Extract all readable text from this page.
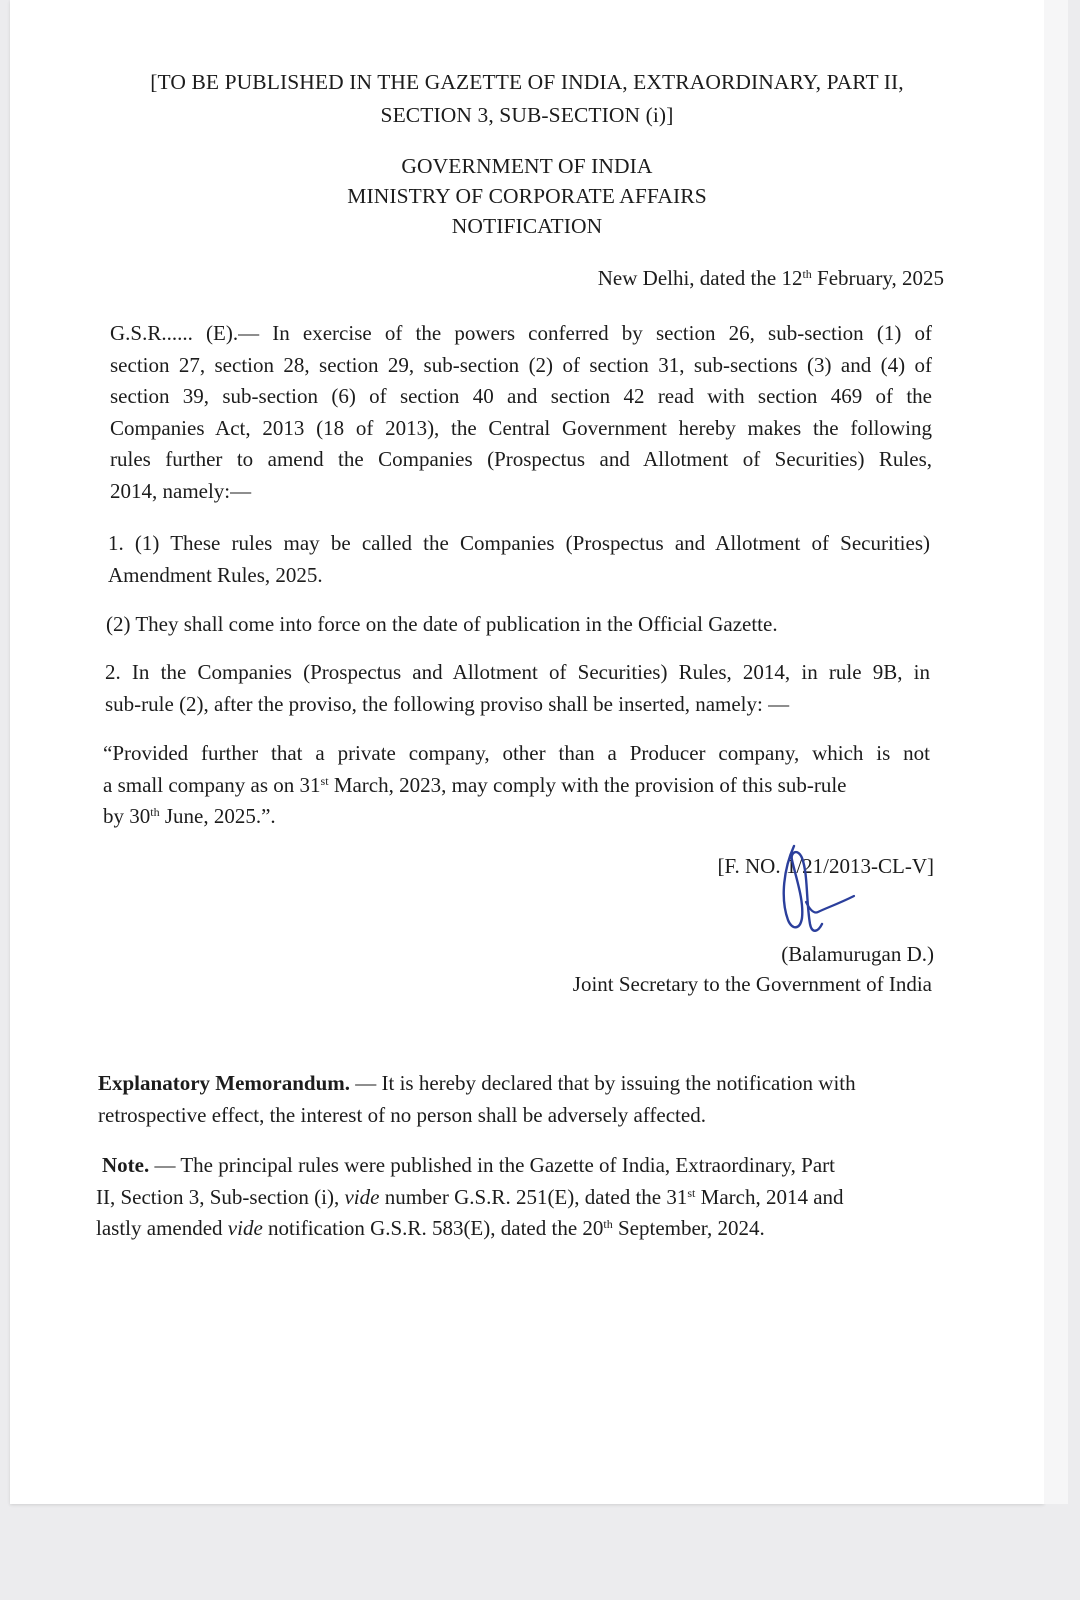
[TO BE PUBLISHED IN THE GAZETTE OF INDIA, EXTRAORDINARY, PART II,
SECTION 3, SUB-SECTION (i)]
GOVERNMENT OF INDIA
MINISTRY OF CORPORATE AFFAIRS
NOTIFICATION
New Delhi, dated the 12th February, 2025
G.S.R...... (E).— In exercise of the powers conferred by section 26, sub-section (1) of
section 27, section 28, section 29, sub-section (2) of section 31, sub-sections (3) and (4) of
section 39, sub-section (6) of section 40 and section 42 read with section 469 of the
Companies Act, 2013 (18 of 2013), the Central Government hereby makes the following
rules further to amend the Companies (Prospectus and Allotment of Securities) Rules,
2014, namely:—
1. (1) These rules may be called the Companies (Prospectus and Allotment of Securities)
Amendment Rules, 2025.
(2) They shall come into force on the date of publication in the Official Gazette.
2. In the Companies (Prospectus and Allotment of Securities) Rules, 2014, in rule 9B, in
sub-rule (2), after the proviso, the following proviso shall be inserted, namely: —
“Provided further that a private company, other than a Producer company, which is not
a small company as on 31st March, 2023, may comply with the provision of this sub-rule
by 30th June, 2025.”.
[F. NO. 1/21/2013-CL-V]
(Balamurugan D.)
Joint Secretary to the Government of India
Explanatory Memorandum. — It is hereby declared that by issuing the notification with
retrospective effect, the interest of no person shall be adversely affected.
Note. — The principal rules were published in the Gazette of India, Extraordinary, Part
II, Section 3, Sub-section (i), vide number G.S.R. 251(E), dated the 31st March, 2014 and
lastly amended vide notification G.S.R. 583(E), dated the 20th September, 2024.
